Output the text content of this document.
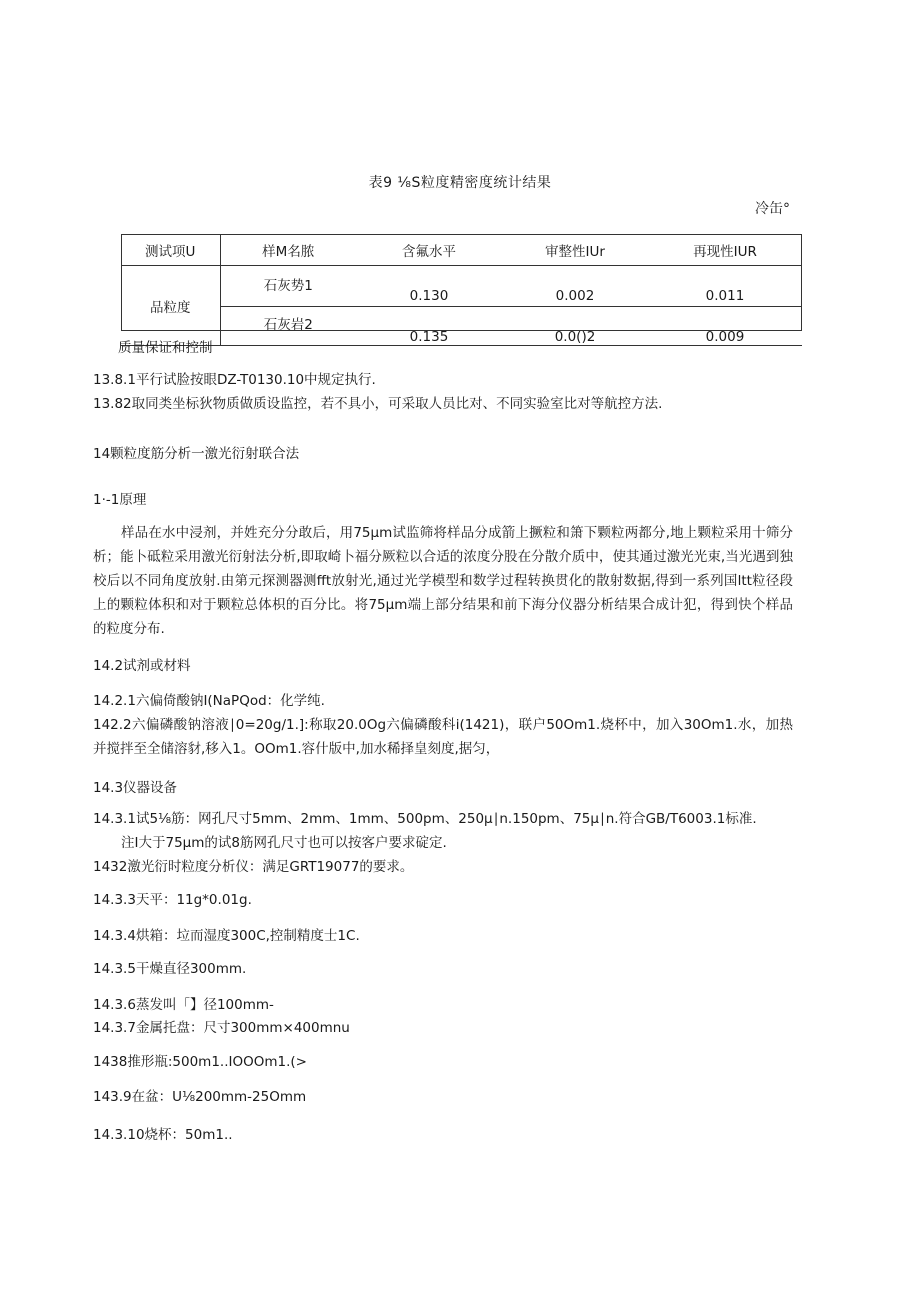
表9 ⅛S粒度精密度统计结果
冷缶°
测试项U	样M名脓	含氟水平	审整性IUr	再现性IUR
品粒度	石灰势1	0.130	0.002	0.011
	石灰岩2	0.135	0.0()2	0.009
质量保证和控制
13.8.1平行试脸按眼DZ-T0130.10中规定执行.
13.82取同类坐标狄物质做质设监控，若不具小，可采取人员比对、不同实验室比对等航控方法.
14颗粒度筋分析一激光衍射联合法
1·-1原理
样品在水中浸剂，并姓充分分敢后，用75μm试监筛将样品分成箭上撅粒和箫下颗粒两都分,地上颗粒采用十筛分析；能卜砥粒采用激光衍射法分析,即取崎卜福分厥粒以合适的浓度分股在分散介质中，使其通过激光光束,当光遇到独校后以不同角度放射.由第元探测器测fft放射光,通过光学模型和数学过程转换贯化的散射数据,得到一系列国ltt粒径段上的颗粒体积和对于颗粒总体枳的百分比。将75μm端上部分结果和前下海分仪器分析结果合成计犯，得到快个样品的粒度分布.
14.2试剂或材料
14.2.1六偏倚酸钠I(NaPQod：化学纯.
142.2六偏磷酸钠溶液∣0=20g∕1.]:称取20.0Og六偏磷酸科i(1421)，联户50Om1.烧杯中，加入30Om1.水，加热并搅拌至全储溶豺,移入1。OOm1.容什版中,加水稀择皇刻度,据匀，
14.3仪器设备
14.3.1试5⅛筋：网孔尺寸5mm、2mm、1mm、500pm、250μ∣n.150pm、75μ∣n.符合GB/T6003.1标准.
注I大于75μm的试8筋网孔尺寸也可以按客户要求碇定.
1432激光衍时粒度分析仪：满足GRT19077的要求。
14.3.3天平：11g*0.01g.
14.3.4烘箱：垃而湿度300C,控制精度士1C.
14.3.5干燥直径300mm.
14.3.6蒸发叫「】径100mm-
14.3.7金属托盘：尺寸300mm×400mnu
1438推形瓶:500m1..IOOOm1.(>
143.9在盆：U⅛200mm-25Omm
14.3.10烧杯：50m1..
